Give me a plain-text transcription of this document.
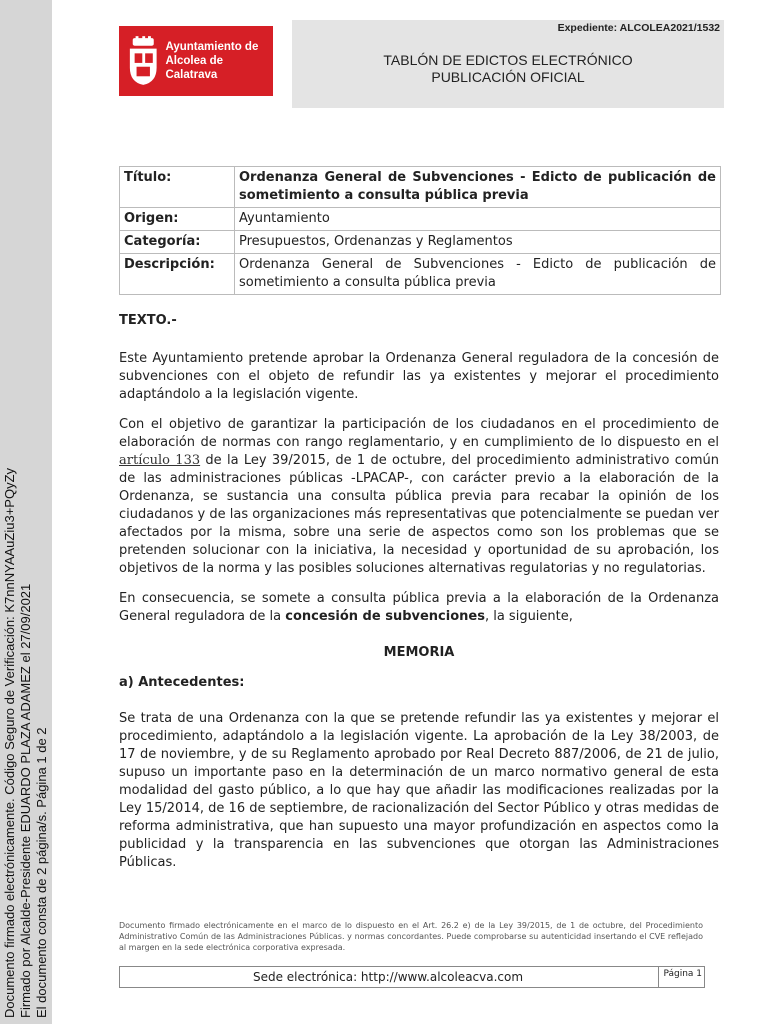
Documento firmado electrónicamente. Código Seguro de Verificación: K7nnNYAAuZiu3+PQyZy Firmado por Alcalde-Presidente EDUARDO PLAZA ADAMEZ el 27/09/2021 El documento consta de 2 página/s. Página 1 de 2
Ayuntamiento de
Alcolea de Calatrava
Expediente: ALCOLEA2021/1532
TABLÓN DE EDICTOS ELECTRÓNICO
PUBLICACIÓN OFICIAL
Título:	Ordenanza General de Subvenciones - Edicto de publicación de sometimiento a consulta pública previa
Origen:	Ayuntamiento
Categoría:	Presupuestos, Ordenanzas y Reglamentos
Descripción:	Ordenanza General de Subvenciones - Edicto de publicación de sometimiento a consulta pública previa
TEXTO.-

Este Ayuntamiento pretende aprobar la Ordenanza General reguladora de la concesión de subvenciones con el objeto de refundir las ya existentes y mejorar el procedimiento adaptándolo a la legislación vigente.

Con el objetivo de garantizar la participación de los ciudadanos en el procedimiento de elaboración de normas con rango reglamentario, y en cumplimiento de lo dispuesto en el artículo 133 de la Ley 39/2015, de 1 de octubre, del procedimiento administrativo común de las administraciones públicas -LPACAP-, con carácter previo a la elaboración de la Ordenanza, se sustancia una consulta pública previa para recabar la opinión de los ciudadanos y de las organizaciones más representativas que potencialmente se puedan ver afectados por la misma, sobre una serie de aspectos como son los problemas que se pretenden solucionar con la iniciativa, la necesidad y oportunidad de su aprobación, los objetivos de la norma y las posibles soluciones alternativas regulatorias y no regulatorias.

En consecuencia, se somete a consulta pública previa a la elaboración de la Ordenanza General reguladora de la concesión de subvenciones, la siguiente,

MEMORIA
a) Antecedentes:

Se trata de una Ordenanza con la que se pretende refundir las ya existentes y mejorar el procedimiento, adaptándolo a la legislación vigente. La aprobación de la Ley 38/2003, de 17 de noviembre, y de su Reglamento aprobado por Real Decreto 887/2006, de 21 de julio, supuso un importante paso en la determinación de un marco normativo general de esta modalidad del gasto público, a lo que hay que añadir las modificaciones realizadas por la Ley 15/2014, de 16 de septiembre, de racionalización del Sector Público y otras medidas de reforma administrativa, que han supuesto una mayor profundización en aspectos como la publicidad y la transparencia en las subvenciones que otorgan las Administraciones Públicas.

Documento firmado electrónicamente en el marco de lo dispuesto en el Art. 26.2 e) de la Ley 39/2015, de 1 de octubre, del Procedimiento Administrativo Común de las Administraciones Públicas. y normas concordantes. Puede comprobarse su autenticidad insertando el CVE reflejado al margen en la sede electrónica corporativa expresada.
Sede electrónica: http://www.alcoleacva.com	Página 1
